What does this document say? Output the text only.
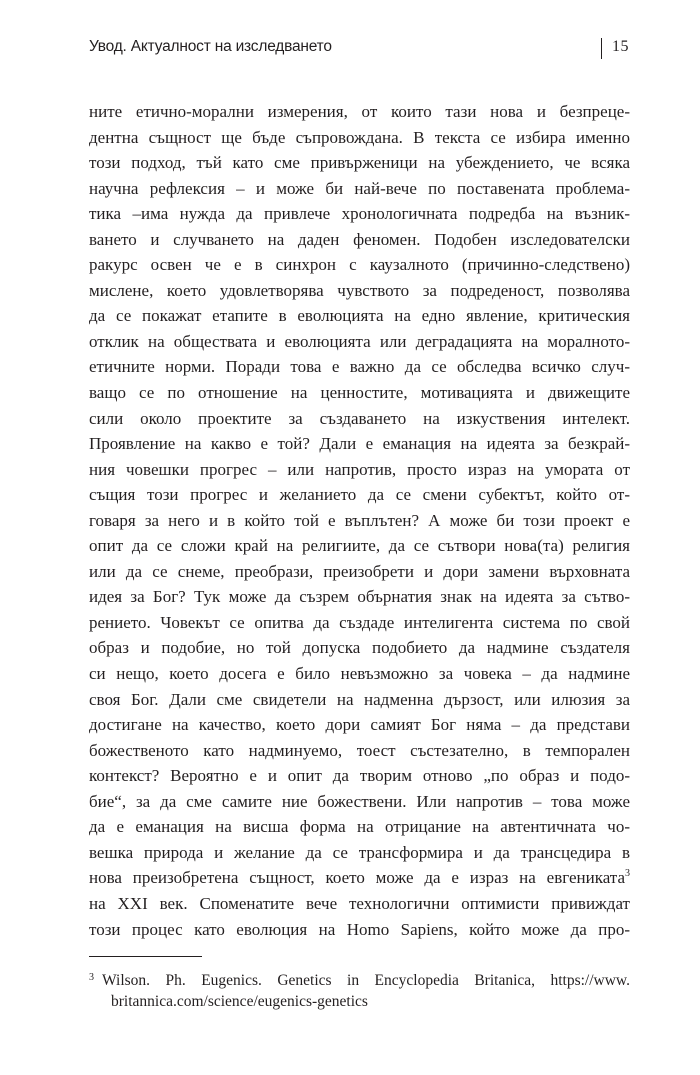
Увод. Актуалност на изследването	15
ните етично-морални измерения, от които тази нова и безпреце-
дентна същност ще бъде съпровождана. В текста се избира именно
този подход, тъй като сме привърженици на убеждението, че всяка
научна рефлексия – и може би най-вече по поставената проблема-
тика –има нужда да привлече хронологичната подредба на възник-
ването и случването на даден феномен. Подобен изследователски
ракурс освен че е в синхрон с каузалното (причинно-следствено)
мислене, което удовлетворява чувството за подреденост, позволява
да се покажат етапите в еволюцията на едно явление, критическия
отклик на обществата и еволюцията или деградацията на моралното-
етичните норми. Поради това е важно да се обследва всичко случ-
ващо се по отношение на ценностите, мотивацията и движещите
сили около проектите за създаването на изкуствения интелект.
Проявление на какво е той? Дали е еманация на идеята за безкрай-
ния човешки прогрес – или напротив, просто израз на умората от
същия този прогрес и желанието да се смени субектът, който от-
говаря за него и в който той е въплътен? А може би този проект е
опит да се сложи край на религиите, да се сътвори нова(та) религия
или да се снеме, преобрази, преизобрети и дори замени върховната
идея за Бог? Тук може да съзрем обърнатия знак на идеята за сътво-
рението. Човекът се опитва да създаде интелигента система по свой
образ и подобие, но той допуска подобието да надмине създателя
си нещо, което досега е било невъзможно за човека – да надмине
своя Бог. Дали сме свидетели на надменна дързост, или илюзия за
достигане на качество, което дори самият Бог няма – да представи
божественото като надминуемо, тоест състезателно, в темпорален
контекст? Вероятно е и опит да творим отново „по образ и подо-
бие“, за да сме самите ние божествени. Или напротив – това може
да е еманация на висша форма на отрицание на автентичната чо-
вешка природа и желание да се трансформира и да трансцедира в
нова преизобретена същност, което може да е израз на евгениката$^3$
на XXI век. Споменатите вече технологични оптимисти привиждат
този процес като еволюция на Homo Sapiens, който може да про-
$^3$ Wilson. Ph. Eugenics. Genetics in Encyclopedia Britanica, https://www.
britannica.com/science/eugenics-genetics
